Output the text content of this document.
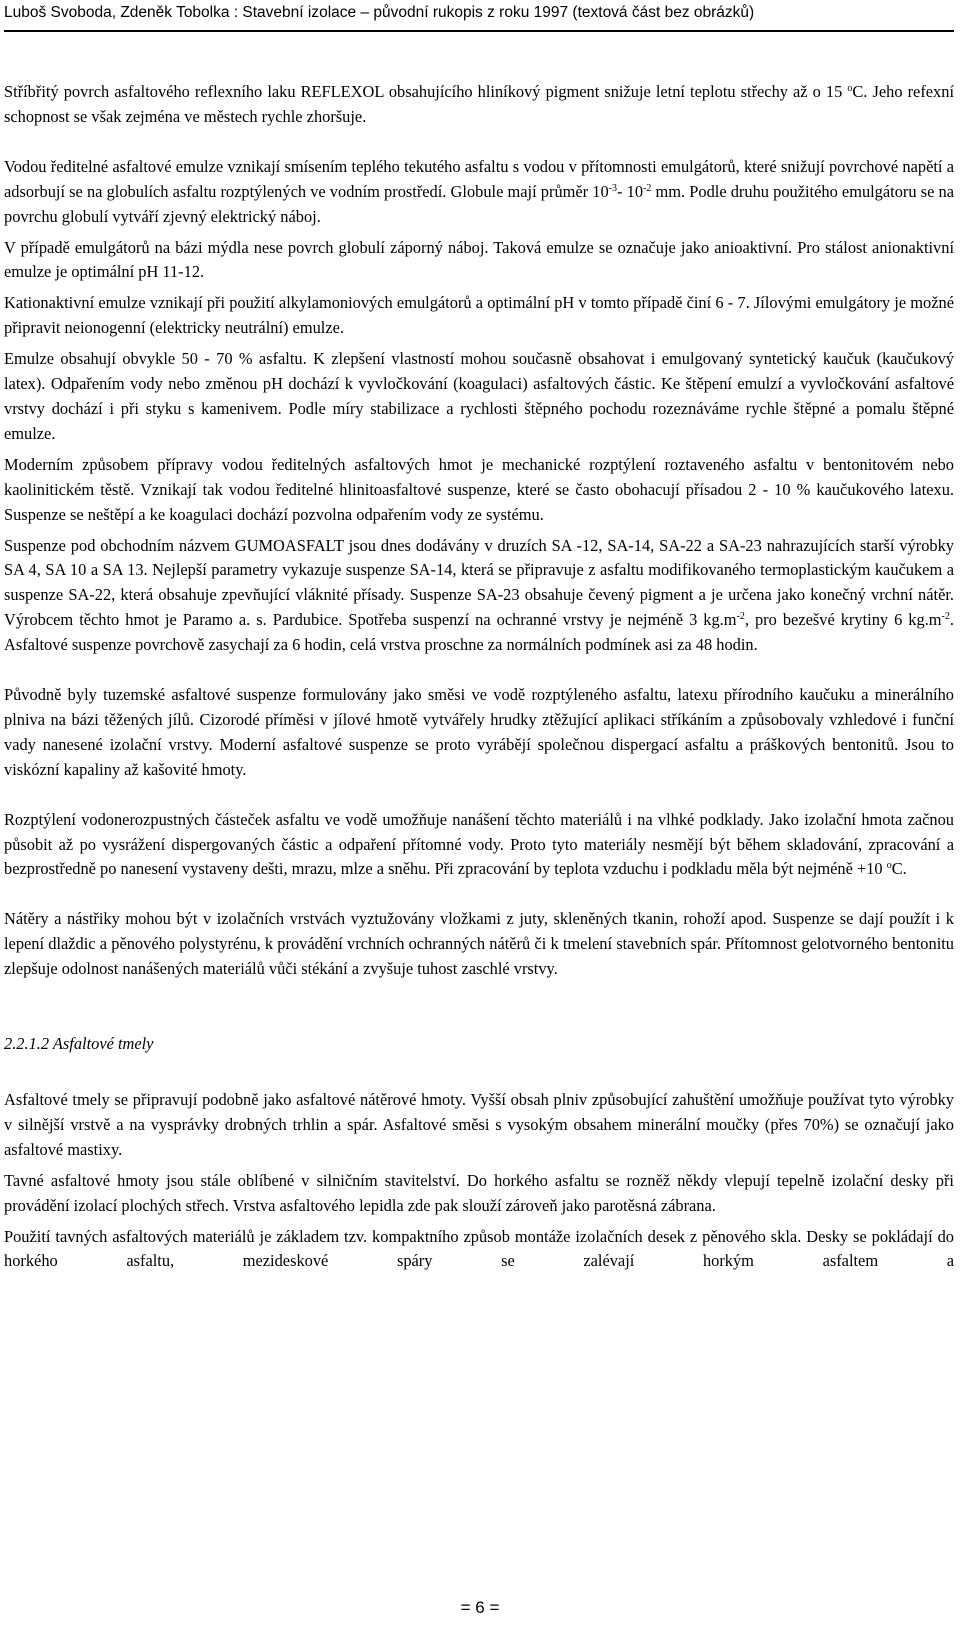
Luboš Svoboda, Zdeněk Tobolka : Stavební izolace – původní rukopis z roku 1997 (textová část bez obrázků)

Stříbřitý povrch asfaltového reflexního laku REFLEXOL obsahujícího hliníkový pigment snižuje letní teplotu střechy až o 15 $^o$C. Jeho refexní schopnost se však zejména ve městech rychle zhoršuje.

Vodou ředitelné asfaltové emulze vznikají smísením teplého tekutého asfaltu s vodou v přítomnosti emulgátorů, které snižují povrchové napětí a adsorbují se na globulích asfaltu rozptýlených ve vodním prostředí. Globule mají průměr $10^{-3}-$ $10^{-2}$ mm. Podle druhu použitého emulgátoru se na povrchu globulí vytváří zjevný elektrický náboj.

V případě emulgátorů na bázi mýdla nese povrch globulí záporný náboj. Taková emulze se označuje jako anioaktivní. Pro stálost anionaktivní emulze je optimální pH 11-12.

Kationaktivní emulze vznikají při použití alkylamoniových emulgátorů a optimální pH v tomto případě činí 6 - 7. Jílovými emulgátory je možné připravit neionogenní (elektricky neutrální) emulze.

Emulze obsahují obvykle 50 - 70 % asfaltu. K zlepšení vlastností mohou současně obsahovat i emulgovaný syntetický kaučuk (kaučukový latex). Odpařením vody nebo změnou pH dochází k vyvločkování (koagulaci) asfaltových částic. Ke štěpení emulzí a vyvločkování asfaltové vrstvy dochází i při styku s kamenivem. Podle míry stabilizace a rychlosti štěpného pochodu rozeznáváme rychle štěpné a pomalu štěpné emulze.

Moderním způsobem přípravy vodou ředitelných asfaltových hmot je mechanické rozptýlení roztaveného asfaltu v bentonitovém nebo kaolinitickém těstě. Vznikají tak vodou ředitelné hlinitoasfaltové suspenze, které se často obohacují přísadou 2 - 10 % kaučukového latexu. Suspenze se neštěpí a ke koagulaci dochází pozvolna odpařením vody ze systému.

Suspenze pod obchodním názvem GUMOASFALT jsou dnes dodávány v druzích SA -12, SA-14, SA-22 a SA-23 nahrazujících starší výrobky SA 4, SA 10 a SA 13. Nejlepší parametry vykazuje suspenze SA-14, která se připravuje z asfaltu modifikovaného termoplastickým kaučukem a suspenze SA-22, která obsahuje zpevňující vláknité přísady. Suspenze SA-23 obsahuje čevený pigment a je určena jako konečný vrchní nátěr. Výrobcem těchto hmot je Paramo a. s. Pardubice. Spotřeba suspenzí na ochranné vrstvy je nejméně 3 $kg.m^{-2}$, pro bezešvé krytiny 6 $kg.m^{-2}$. Asfaltové suspenze povrchově zasychají za 6 hodin, celá vrstva proschne za normálních podmínek asi za 48 hodin.

Původně byly tuzemské asfaltové suspenze formulovány jako směsi ve vodě rozptýleného asfaltu, latexu přírodního kaučuku a minerálního plniva na bázi těžených jílů. Cizorodé příměsi v jílové hmotě vytvářely hrudky ztěžující aplikaci stříkáním a způsobovaly vzhledové i funční vady nanesené izolační vrstvy. Moderní asfaltové suspenze se proto vyrábějí společnou dispergací asfaltu a práškových bentonitů. Jsou to viskózní kapaliny až kašovité hmoty.

Rozptýlení vodonerozpustných částeček asfaltu ve vodě umožňuje nanášení těchto materiálů i na vlhké podklady. Jako izolační hmota začnou působit až po vysrážení dispergovaných částic a odpaření přítomné vody. Proto tyto materiály nesmějí být během skladování, zpracování a bezprostředně po nanesení vystaveny dešti, mrazu, mlze a sněhu. Při zpracování by teplota vzduchu i podkladu měla být nejméně +10 $^o$C.

Nátěry a nástřiky mohou být v izolačních vrstvách vyztužovány vložkami z juty, skleněných tkanin, rohoží apod. Suspenze se dají použít i k lepení dlaždic a pěnového polystyrénu, k provádění vrchních ochranných nátěrů či k tmelení stavebních spár. Přítomnost gelotvorného bentonitu zlepšuje odolnost nanášených materiálů vůči stékání a zvyšuje tuhost zaschlé vrstvy.

2.2.1.2 Asfaltové tmely

Asfaltové tmely se připravují podobně jako asfaltové nátěrové hmoty. Vyšší obsah plniv způsobující zahuštění umožňuje používat tyto výrobky v silnější vrstvě a na vysprávky drobných trhlin a spár. Asfaltové směsi s vysokým obsahem minerální moučky (přes 70%) se označují jako asfaltové mastixy.

Tavné asfaltové hmoty jsou stále oblíbené v silničním stavitelství. Do horkého asfaltu se rozněž někdy vlepují tepelně izolační desky při provádění izolací plochých střech. Vrstva asfaltového lepidla zde pak slouží zároveň jako parotěsná zábrana.

Použití tavných asfaltových materiálů je základem tzv. kompaktního způsob montáže izolačních desek z pěnového skla. Desky se pokládají do horkého asfaltu, mezideskové spáry se zalévají horkým asfaltem a

= 6 =
